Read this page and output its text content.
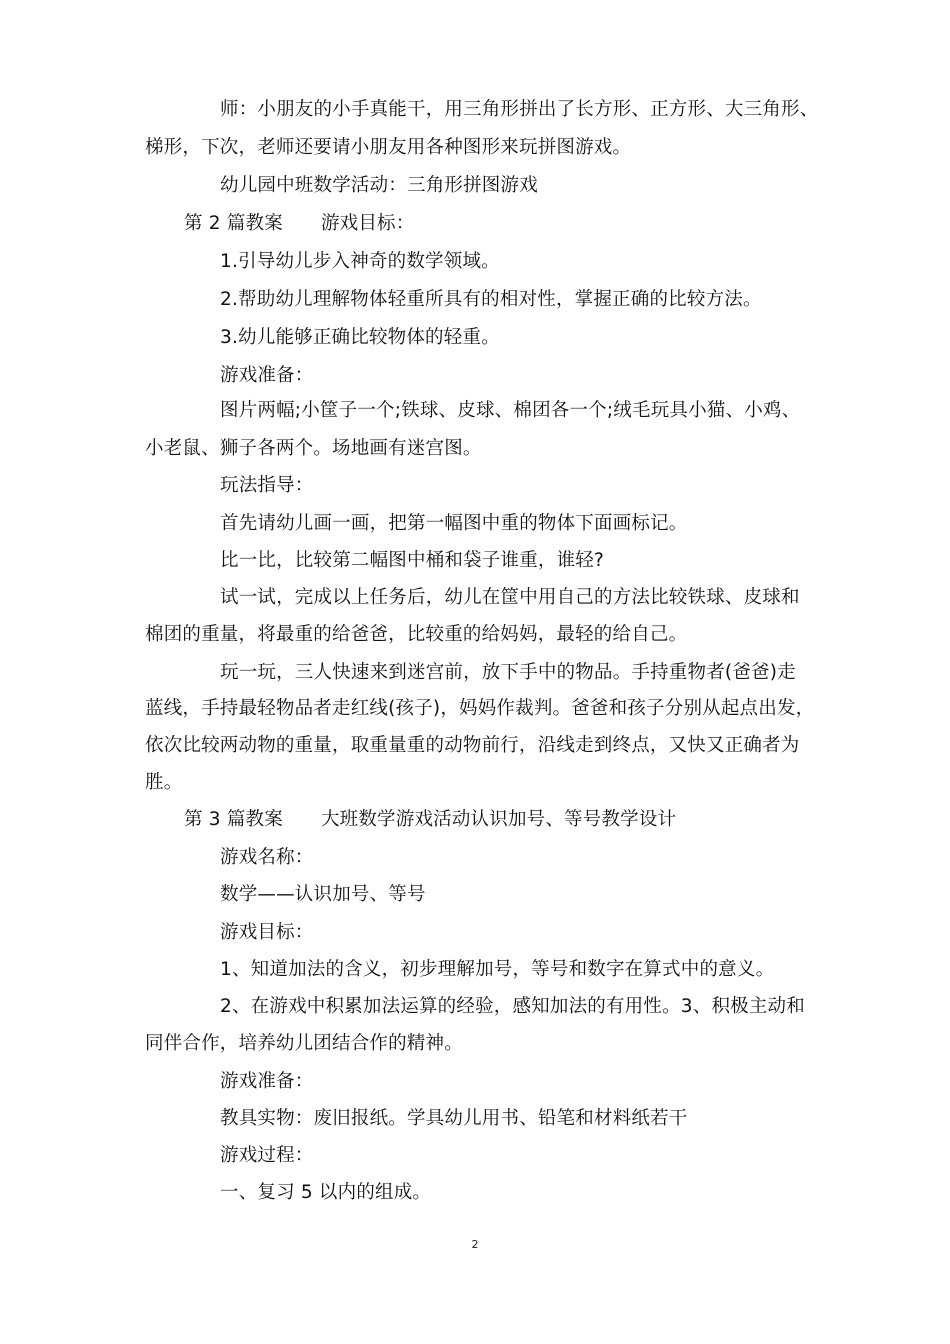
师：小朋友的小手真能干，用三角形拼出了长方形、正方形、大三角形、
梯形，下次，老师还要请小朋友用各种图形来玩拼图游戏。
幼儿园中班数学活动：三角形拼图游戏
第 2 篇教案 游戏目标：
1.引导幼儿步入神奇的数学领域。
2.帮助幼儿理解物体轻重所具有的相对性，掌握正确的比较方法。
3.幼儿能够正确比较物体的轻重。
游戏准备：
图片两幅;小筐子一个;铁球、皮球、棉团各一个;绒毛玩具小猫、小鸡、
小老鼠、狮子各两个。场地画有迷宫图。
玩法指导：
首先请幼儿画一画，把第一幅图中重的物体下面画标记。
比一比，比较第二幅图中桶和袋子谁重，谁轻?
试一试，完成以上任务后，幼儿在筐中用自己的方法比较铁球、皮球和
棉团的重量，将最重的给爸爸，比较重的给妈妈，最轻的给自己。
玩一玩，三人快速来到迷宫前，放下手中的物品。手持重物者(爸爸)走
蓝线，手持最轻物品者走红线(孩子)，妈妈作裁判。爸爸和孩子分别从起点出发，
依次比较两动物的重量，取重量重的动物前行，沿线走到终点，又快又正确者为
胜。
第 3 篇教案 大班数学游戏活动认识加号、等号教学设计
游戏名称：
数学——认识加号、等号
游戏目标：
1、知道加法的含义，初步理解加号，等号和数字在算式中的意义。
2、在游戏中积累加法运算的经验，感知加法的有用性。3、积极主动和
同伴合作，培养幼儿团结合作的精神。
游戏准备：
教具实物：废旧报纸。学具幼儿用书、铅笔和材料纸若干
游戏过程：
一、复习 5 以内的组成。
2
